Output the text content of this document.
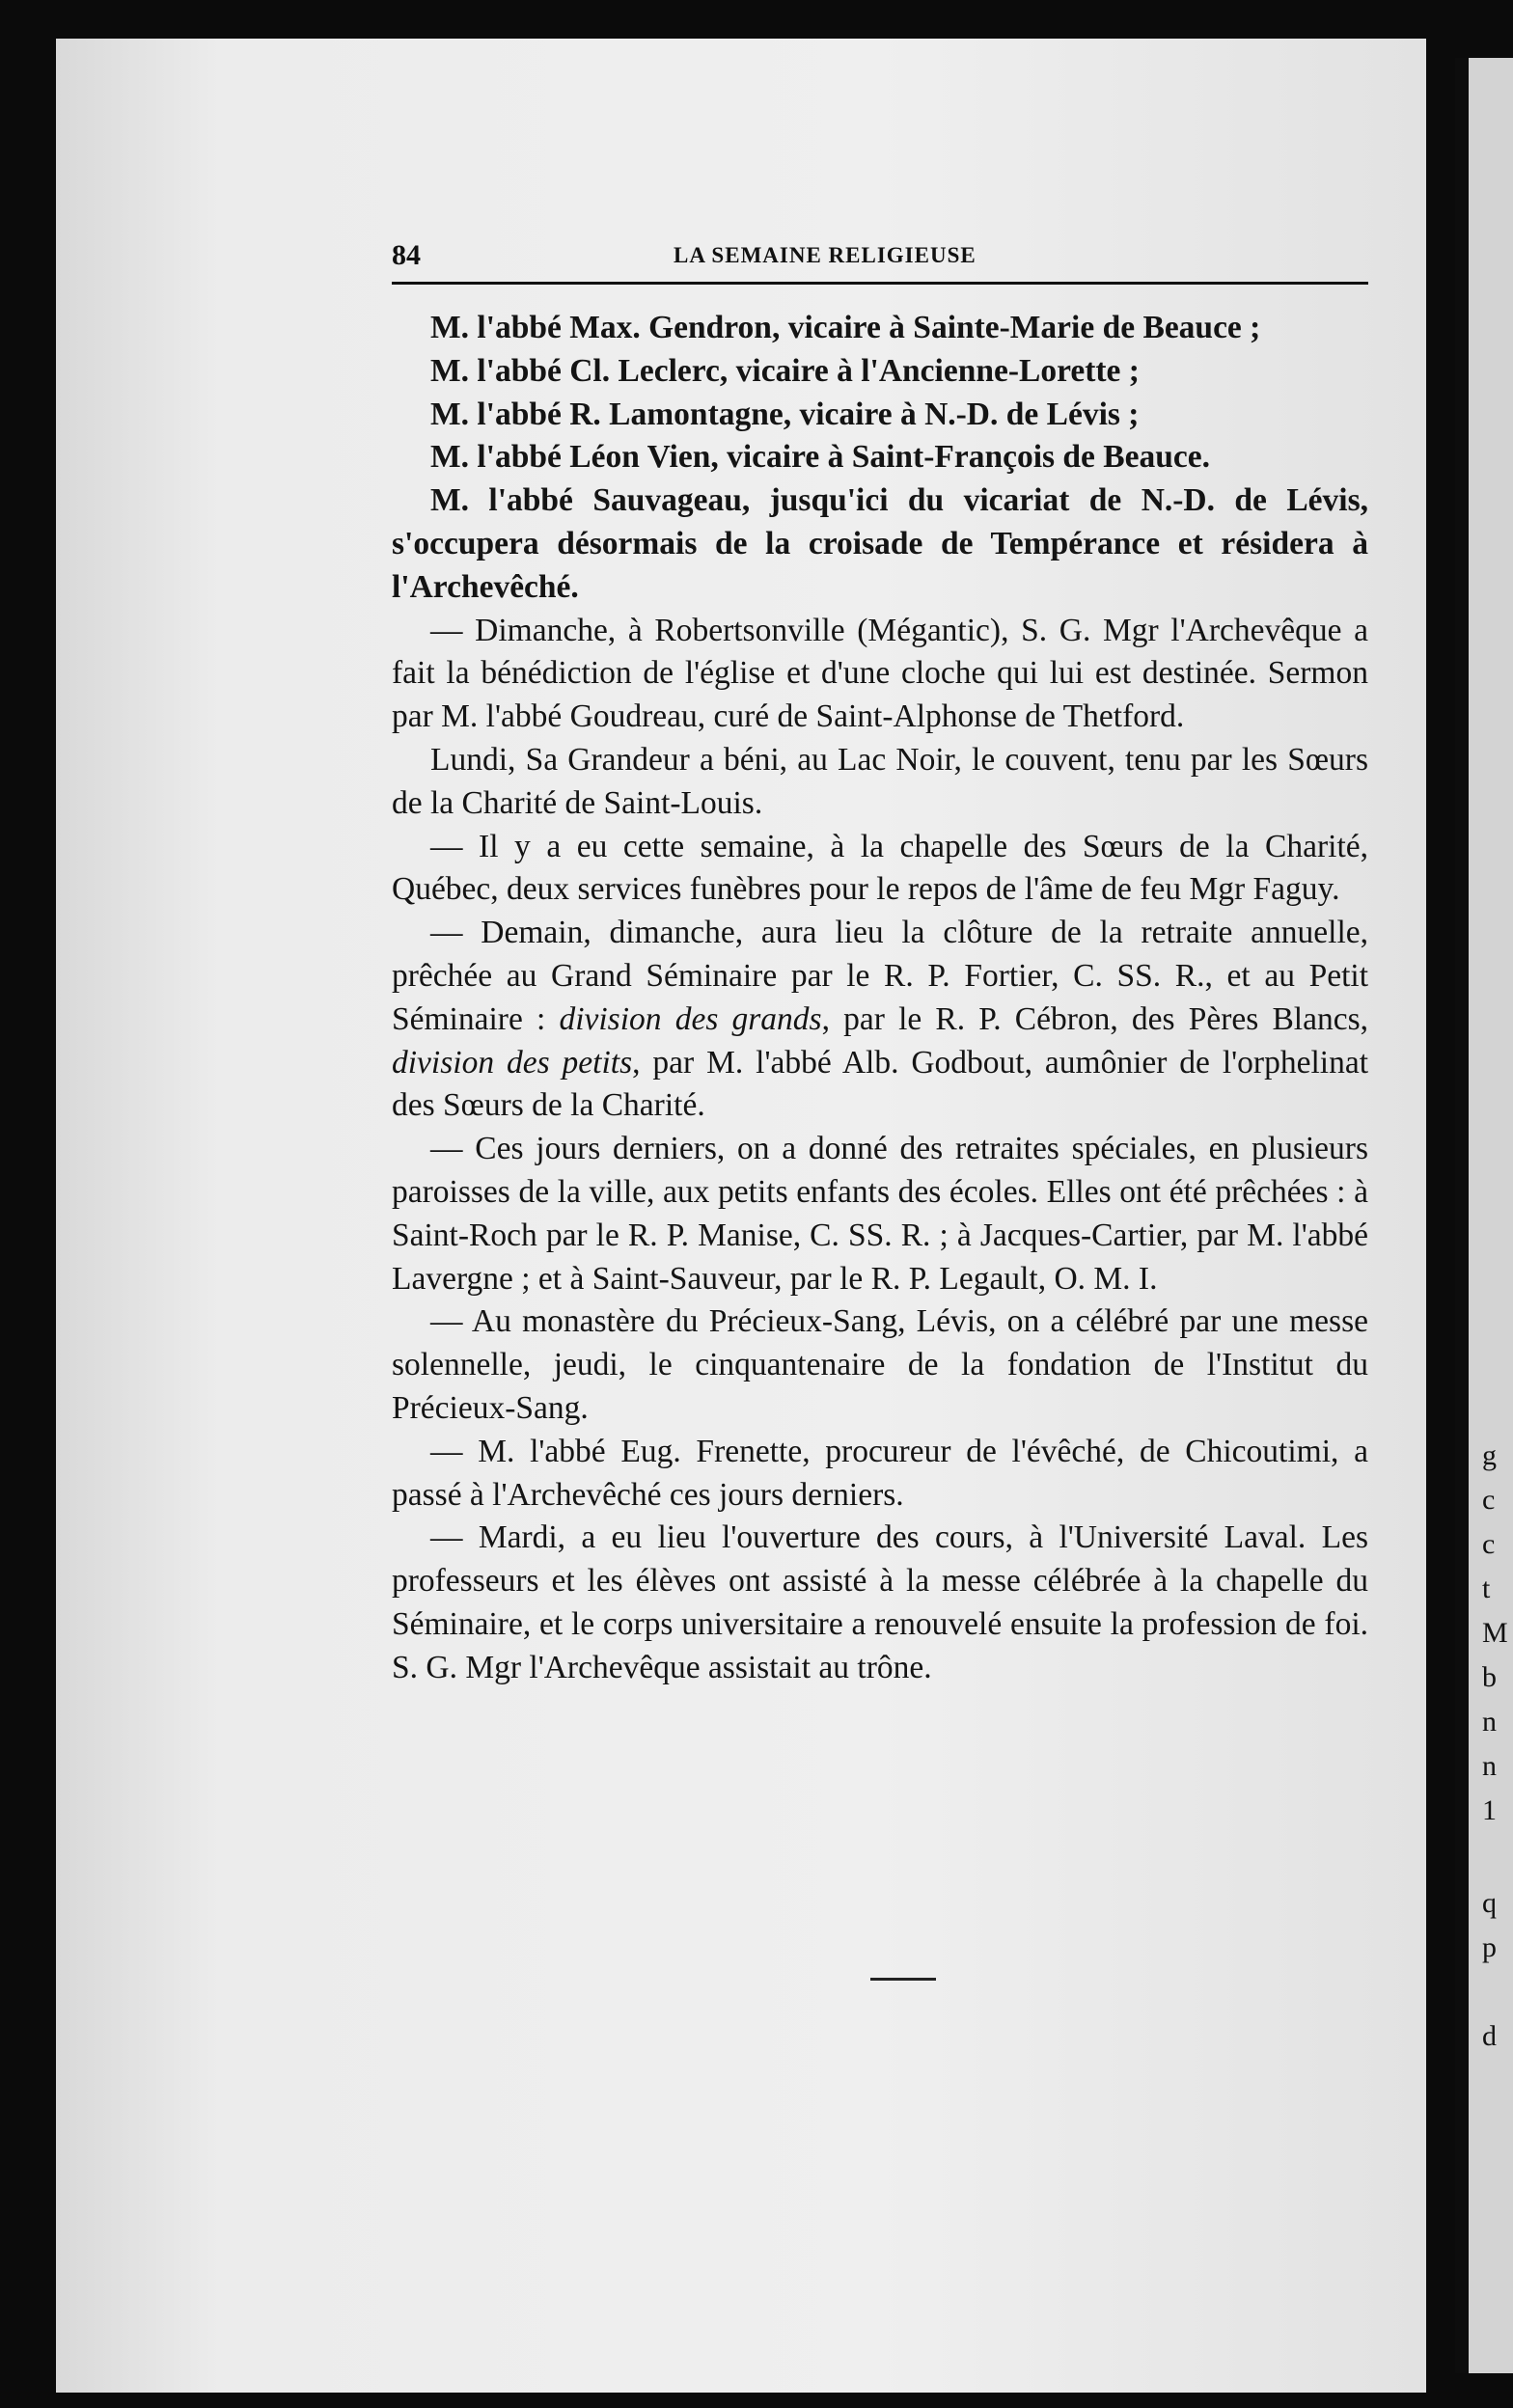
g
c
c
t
M
b
n
n
1
q
p
d
84	LA SEMAINE RELIGIEUSE

M. l'abbé Max. Gendron, vicaire à Sainte-Marie de Beauce ;

M. l'abbé Cl. Leclerc, vicaire à l'Ancienne-Lorette ;

M. l'abbé R. Lamontagne, vicaire à N.-D. de Lévis ;

M. l'abbé Léon Vien, vicaire à Saint-François de Beauce.

M. l'abbé Sauvageau, jusqu'ici du vicariat de N.-D. de Lévis, s'occupera désormais de la croisade de Tempérance et résidera à l'Archevêché.

— Dimanche, à Robertsonville (Mégantic), S. G. Mgr l'Archevêque a fait la bénédiction de l'église et d'une cloche qui lui est destinée. Sermon par M. l'abbé Goudreau, curé de Saint-Alphonse de Thetford.

Lundi, Sa Grandeur a béni, au Lac Noir, le couvent, tenu par les Sœurs de la Charité de Saint-Louis.

— Il y a eu cette semaine, à la chapelle des Sœurs de la Charité, Québec, deux services funèbres pour le repos de l'âme de feu Mgr Faguy.

— Demain, dimanche, aura lieu la clôture de la retraite annuelle, prêchée au Grand Séminaire par le R. P. Fortier, C. SS. R., et au Petit Séminaire : division des grands, par le R. P. Cébron, des Pères Blancs, division des petits, par M. l'abbé Alb. Godbout, aumônier de l'orphelinat des Sœurs de la Charité.

— Ces jours derniers, on a donné des retraites spéciales, en plusieurs paroisses de la ville, aux petits enfants des écoles. Elles ont été prêchées : à Saint-Roch par le R. P. Manise, C. SS. R. ; à Jacques-Cartier, par M. l'abbé Lavergne ; et à Saint-Sauveur, par le R. P. Legault, O. M. I.

— Au monastère du Précieux-Sang, Lévis, on a célébré par une messe solennelle, jeudi, le cinquantenaire de la fondation de l'Institut du Précieux-Sang.

— M. l'abbé Eug. Frenette, procureur de l'évêché, de Chicoutimi, a passé à l'Archevêché ces jours derniers.

— Mardi, a eu lieu l'ouverture des cours, à l'Université Laval. Les professeurs et les élèves ont assisté à la messe célébrée à la chapelle du Séminaire, et le corps universitaire a renouvelé ensuite la profession de foi. S. G. Mgr l'Archevêque assistait au trône.
